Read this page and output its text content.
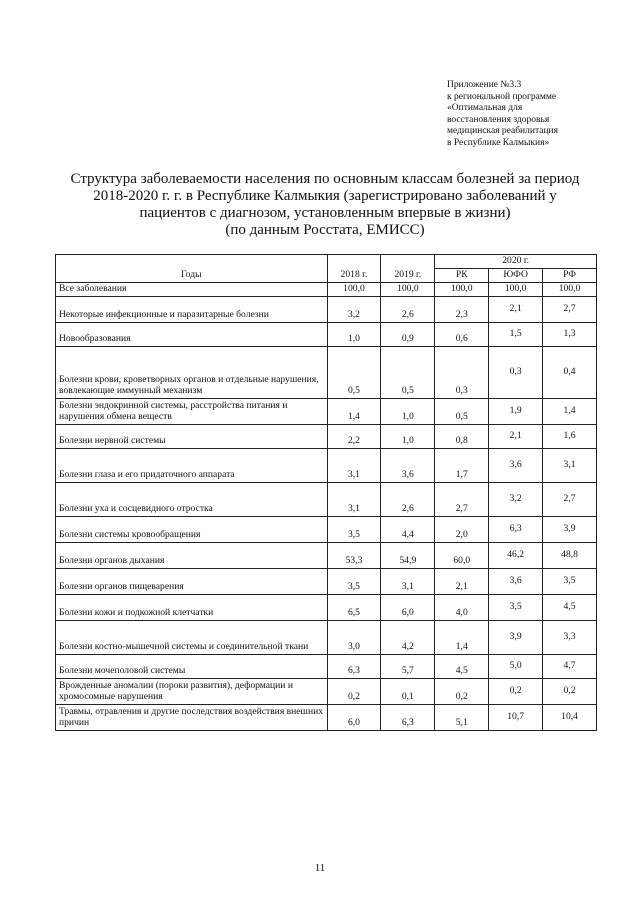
Приложение №3.3
к региональной программе
«Оптимальная для
восстановления здоровья
медицинская реабилитация
в Республике Калмыкия»
Структура заболеваемости населения по основным классам болезней за период
2018-2020 г. г. в Республике Калмыкия (зарегистрировано заболеваний у
пациентов с диагнозом, установленным впервые в жизни)
(по данным Росстата, ЕМИСС)
Годы	2018 г.	2019 г.	2020 г.		
			РК	ЮФО	РФ
Все заболевания	100,0	100,0	100,0	100,0	100,0
Некоторые инфекционные и паразитарные болезни	3,2	2,6	2,3	2,1	2,7
Новообразования	1,0	0,9	0,6	1,5	1,3
Болезни крови, кроветворных органов и отдельные нарушения, вовлекающие иммунный механизм	0,5	0,5	0,3	0,3	0,4
Болезни эндокринной системы, расстройства питания и нарушения обмена веществ	1,4	1,0	0,5	1,9	1,4
Болезни нервной системы	2,2	1,0	0,8	2,1	1,6
Болезни глаза и его придаточного аппарата	3,1	3,6	1,7	3,6	3,1
Болезни уха и сосцевидного отростка	3,1	2,6	2,7	3,2	2,7
Болезни системы кровообращения	3,5	4,4	2,0	6,3	3,9
Болезни органов дыхания	53,3	54,9	60,0	46,2	48,8
Болезни органов пищеварения	3,5	3,1	2,1	3,6	3,5
Болезни кожи и подкожной клетчатки	6,5	6,0	4,0	3,5	4,5
Болезни костно-мышечной системы и соединительной ткани	3,0	4,2	1,4	3,9	3,3
Болезни мочеполовой системы	6,3	5,7	4,5	5,0	4,7
Врожденные аномалии (пороки развития), деформации и хромосомные нарушения	0,2	0,1	0,2	0,2	0,2
Травмы, отравления и другие последствия воздействия внешних причин	6,0	6,3	5,1	10,7	10,4
11
